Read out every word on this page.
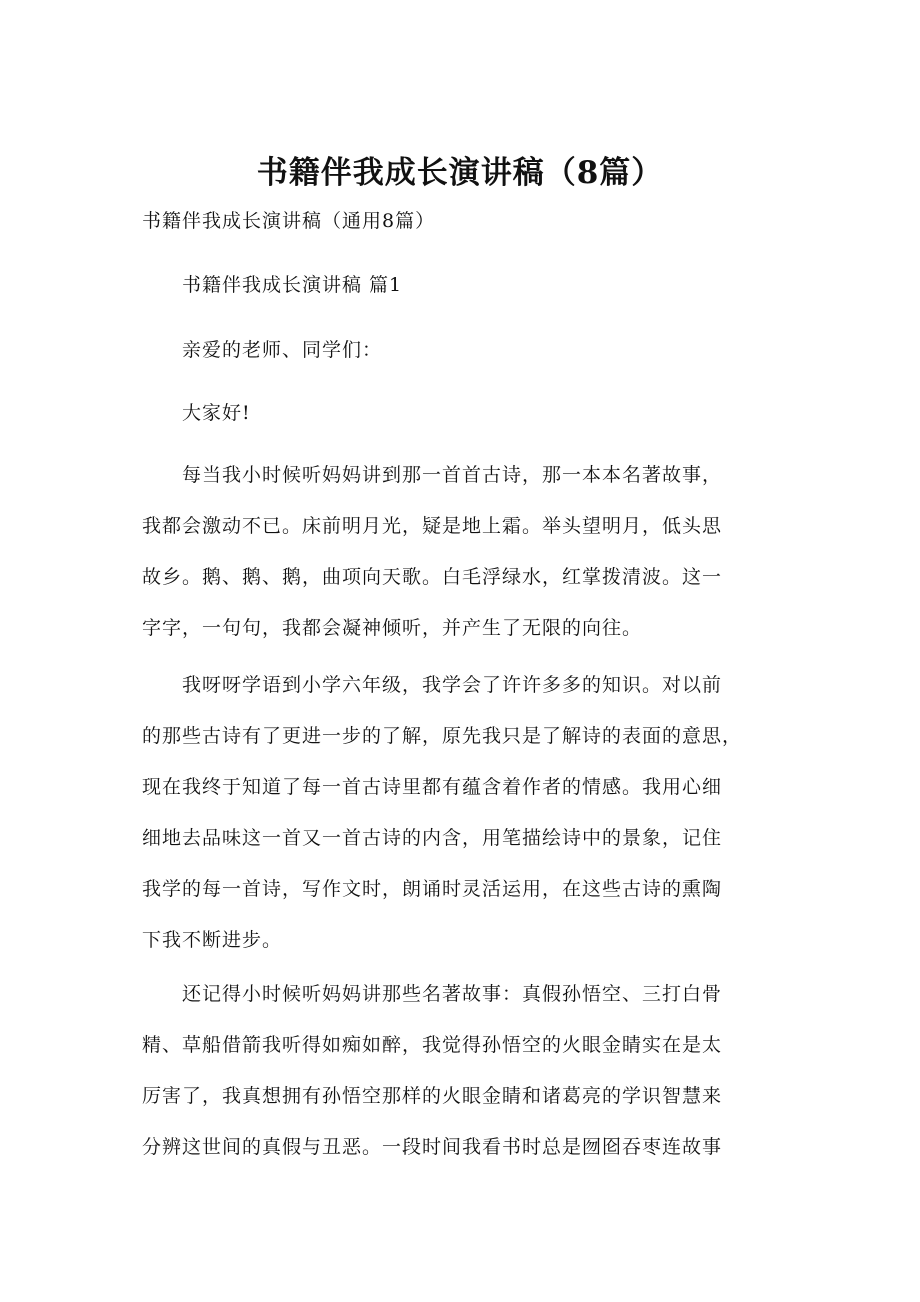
书籍伴我成长演讲稿（8篇）

书籍伴我成长演讲稿（通用8篇）

书籍伴我成长演讲稿 篇1
亲爱的老师、同学们：
大家好!
每当我小时候听妈妈讲到那一首首古诗，那一本本名著故事，
我都会激动不已。床前明月光，疑是地上霜。举头望明月，低头思
故乡。鹅、鹅、鹅，曲项向天歌。白毛浮绿水，红掌拨清波。这一
字字，一句句，我都会凝神倾听，并产生了无限的向往。
我呀呀学语到小学六年级，我学会了许许多多的知识。对以前
的那些古诗有了更进一步的了解，原先我只是了解诗的表面的意思，
现在我终于知道了每一首古诗里都有蕴含着作者的情感。我用心细
细地去品味这一首又一首古诗的内含，用笔描绘诗中的景象，记住
我学的每一首诗，写作文时，朗诵时灵活运用，在这些古诗的熏陶
下我不断进步。
还记得小时候听妈妈讲那些名著故事：真假孙悟空、三打白骨
精、草船借箭我听得如痴如醉，我觉得孙悟空的火眼金睛实在是太
厉害了，我真想拥有孙悟空那样的火眼金睛和诸葛亮的学识智慧来
分辨这世间的真假与丑恶。一段时间我看书时总是囫囵吞枣连故事
